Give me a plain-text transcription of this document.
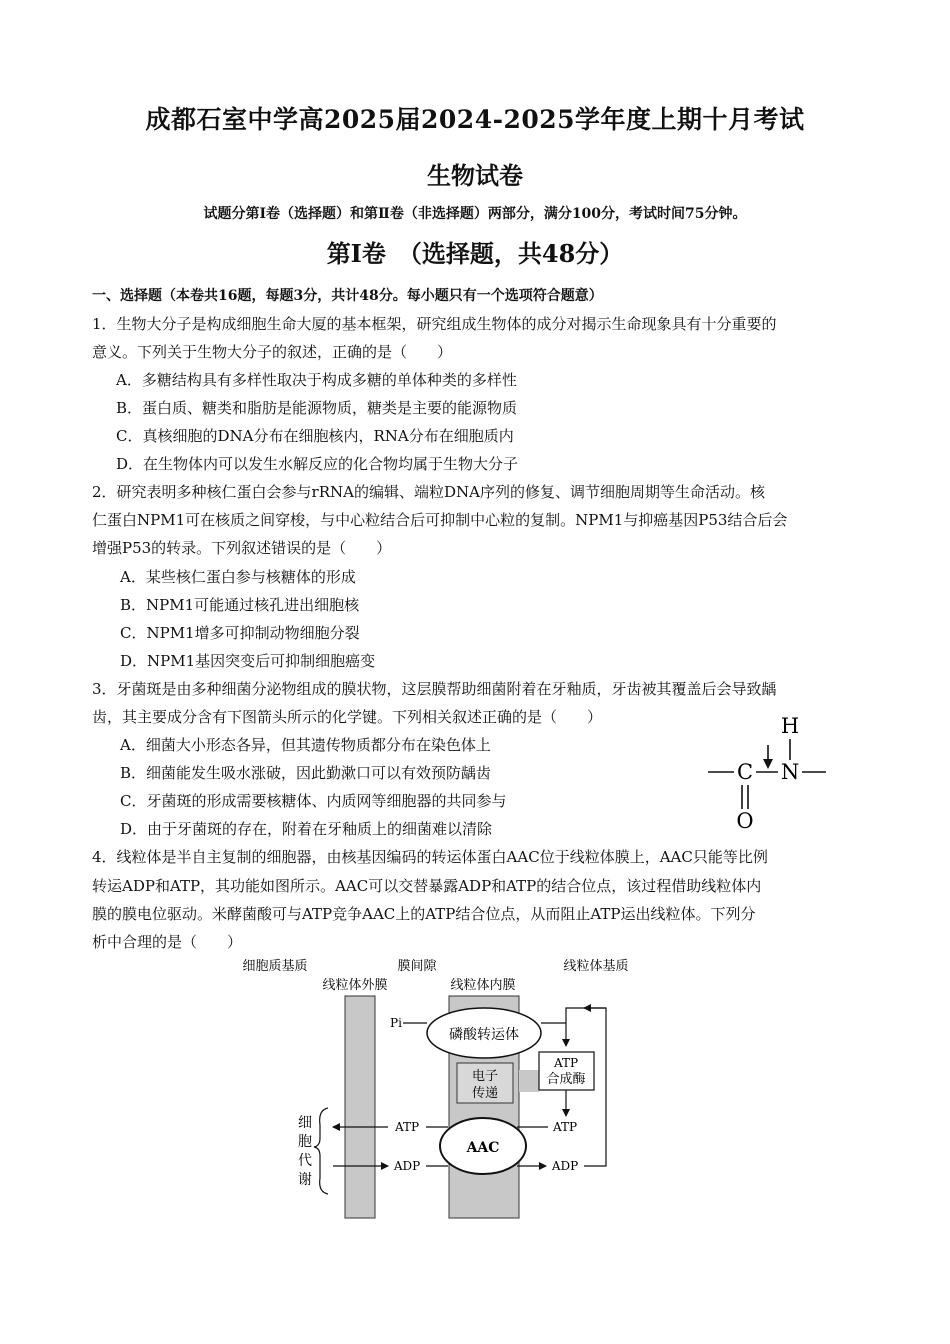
成都石室中学高2025届2024-2025学年度上期十月考试
生物试卷
试题分第Ⅰ卷（选择题）和第Ⅱ卷（非选择题）两部分，满分100分，考试时间75分钟。
第Ⅰ卷　（选择题，共48分）
一、选择题（本卷共16题，每题3分，共计48分。每小题只有一个选项符合题意）
1．生物大分子是构成细胞生命大厦的基本框架，研究组成生物体的成分对揭示生命现象具有十分重要的
意义。下列关于生物大分子的叙述，正确的是（　　）
A．多糖结构具有多样性取决于构成多糖的单体种类的多样性
B．蛋白质、糖类和脂肪是能源物质，糖类是主要的能源物质
C．真核细胞的DNA分布在细胞核内，RNA分布在细胞质内
D．在生物体内可以发生水解反应的化合物均属于生物大分子
2．研究表明多种核仁蛋白会参与rRNA的编辑、端粒DNA序列的修复、调节细胞周期等生命活动。核
仁蛋白NPM1可在核质之间穿梭，与中心粒结合后可抑制中心粒的复制。NPM1与抑癌基因P53结合后会
增强P53的转录。下列叙述错误的是（　　）
A．某些核仁蛋白参与核糖体的形成
B．NPM1可能通过核孔进出细胞核
C．NPM1增多可抑制动物细胞分裂
D．NPM1基因突变后可抑制细胞癌变
3．牙菌斑是由多种细菌分泌物组成的膜状物，这层膜帮助细菌附着在牙釉质，牙齿被其覆盖后会导致龋
齿，其主要成分含有下图箭头所示的化学键。下列相关叙述正确的是（　　）
A．细菌大小形态各异，但其遗传物质都分布在染色体上
B．细菌能发生吸水涨破，因此勤漱口可以有效预防龋齿
C．牙菌斑的形成需要核糖体、内质网等细胞器的共同参与
D．由于牙菌斑的存在，附着在牙釉质上的细菌难以清除
H
C N
O
4．线粒体是半自主复制的细胞器，由核基因编码的转运体蛋白AAC位于线粒体膜上，AAC只能等比例
转运ADP和ATP，其功能如图所示。AAC可以交替暴露ADP和ATP的结合位点，该过程借助线粒体内
膜的膜电位驱动。米酵菌酸可与ATP竞争AAC上的ATP结合位点，从而阻止ATP运出线粒体。下列分
析中合理的是（　　）
细胞质基质	膜间隙	线粒体基质
线粒体外膜	线粒体内膜
磷酸转运体
Pi
电子
传递
ATP
合成酶
AAC
ATP
ATP
ADP	ADP
细
胞
代
谢
